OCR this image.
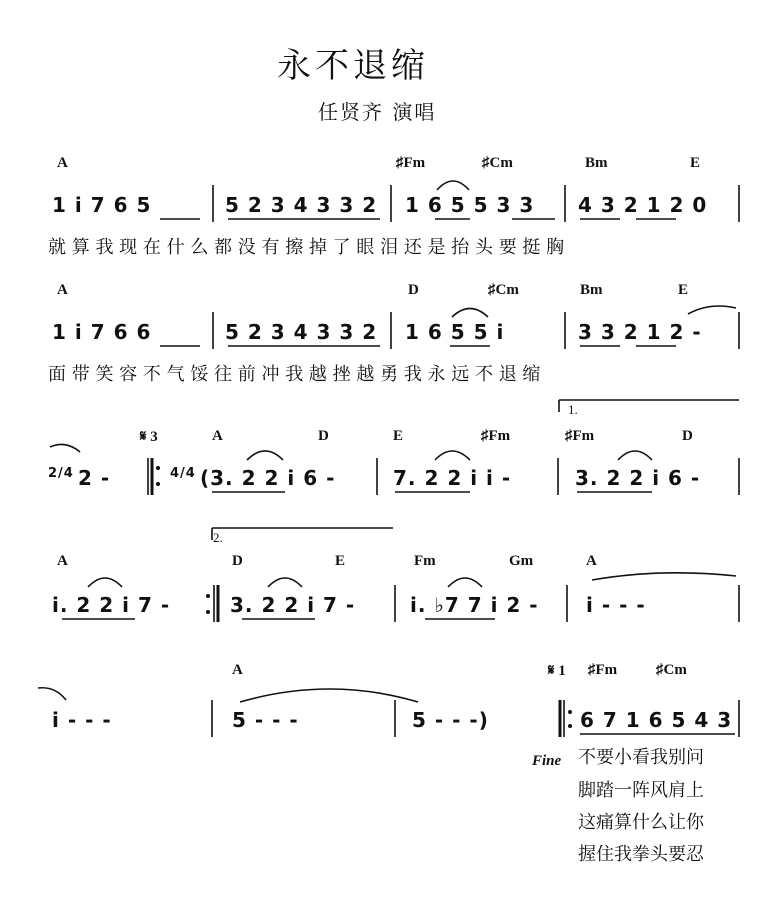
永不退缩
任贤齐 演唱
A	♯Fm	♯Cm	Bm	E
1 i 7 6 5	5 2 3 4 3 3 2 1 6 5 5 3 3 4 3 2 1 2 0
就 算 我 现 在 什 么 都 没 有 擦 掉 了 眼 泪 还 是 抬 头 要 挺 胸
A	D	♯Cm	Bm	E
1 i 7 6 6	5 2 3 4 3 3 2 1 6 5 5 i	3 3 2 1 2 -
面 带 笑 容 不 气 馁 往 前 冲 我 越 挫 越 勇 我 永 远 不 退 缩
1.
𝄋 3	A	D	E	♯Fm	♯Fm	D
2/4 2 -	4/4 (3. 2 2 i 6 -	7. 2 2 i i -	3. 2 2 i 6 -
2.
A	D	E	Fm	Gm	A
i. 2 2 i 7 -	3. 2 2 i 7 -	i. ♭7 7 i 2 - i - - -
A	𝄋 1 ♯Fm	♯Cm
i - - -	5 - - -	5 - - -)	6 7 1 6 5 4 3
Fine 不要小看我别问
脚踏一阵风肩上
这痛算什么让你
握住我拳头要忍
